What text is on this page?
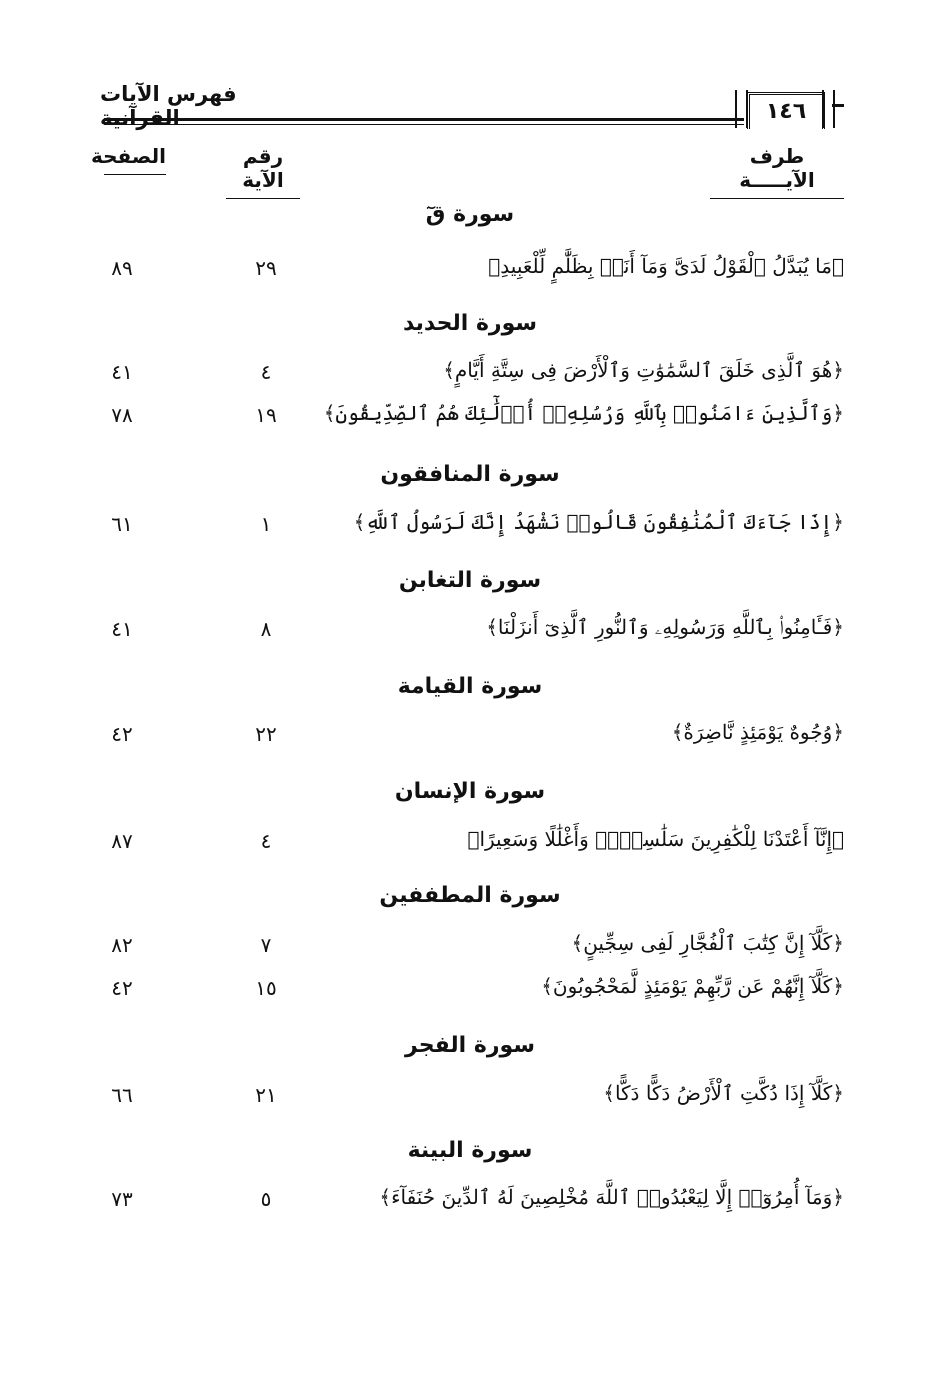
فهرس الآيات القرآنية	١٤٦
طرف الآيـــــة
رقم الآية
الصفحة
سورة قٓ
﴿مَا يُبَدَّلُ ٱلْقَوْلُ لَدَىَّ وَمَآ أَنَا۠ بِظَلَّٰمٍ لِّلْعَبِيدِ﴾
٢٩
٨٩
سورة الحديد
﴿هُوَ ٱلَّذِى خَلَقَ ٱلسَّمَٰوَٰتِ وَٱلْأَرْضَ فِى سِتَّةِ أَيَّامٍ﴾
٤
٤١
﴿وَٱلَّذِينَ ءَامَنُوا۟ بِٱللَّهِ وَرُسُلِهِۦٓ أُو۟لَٰٓئِكَ هُمُ ٱلصِّدِّيقُونَ﴾
١٩
٧٨
سورة المنافقون
﴿إِذَا جَآءَكَ ٱلْمُنَٰفِقُونَ قَالُوا۟ نَشْهَدُ إِنَّكَ لَرَسُولُ ٱللَّهِ﴾
١
٦١
سورة التغابن
﴿فَـَٔامِنُوا۟ بِٱللَّهِ وَرَسُولِهِۦ وَٱلنُّورِ ٱلَّذِىٓ أَنزَلْنَا﴾
٨
٤١
سورة القيامة
﴿وُجُوهٌ يَوْمَئِذٍ نَّاضِرَةٌ﴾
٢٢
٤٢
سورة الإنسان
﴿إِنَّآ أَعْتَدْنَا لِلْكَٰفِرِينَ سَلَٰسِلَا۟ وَأَغْلَٰلًا وَسَعِيرًا﴾
٤
٨٧
سورة المطففين
﴿كَلَّآ إِنَّ كِتَٰبَ ٱلْفُجَّارِ لَفِى سِجِّينٍ﴾
٧
٨٢
﴿كَلَّآ إِنَّهُمْ عَن رَّبِّهِمْ يَوْمَئِذٍ لَّمَحْجُوبُونَ﴾
١٥
٤٢
سورة الفجر
﴿كَلَّآ إِذَا دُكَّتِ ٱلْأَرْضُ دَكًّا دَكًّا﴾
٢١
٦٦
سورة البينة
﴿وَمَآ أُمِرُوٓا۟ إِلَّا لِيَعْبُدُوا۟ ٱللَّهَ مُخْلِصِينَ لَهُ ٱلدِّينَ حُنَفَآءَ﴾
٥
٧٣
